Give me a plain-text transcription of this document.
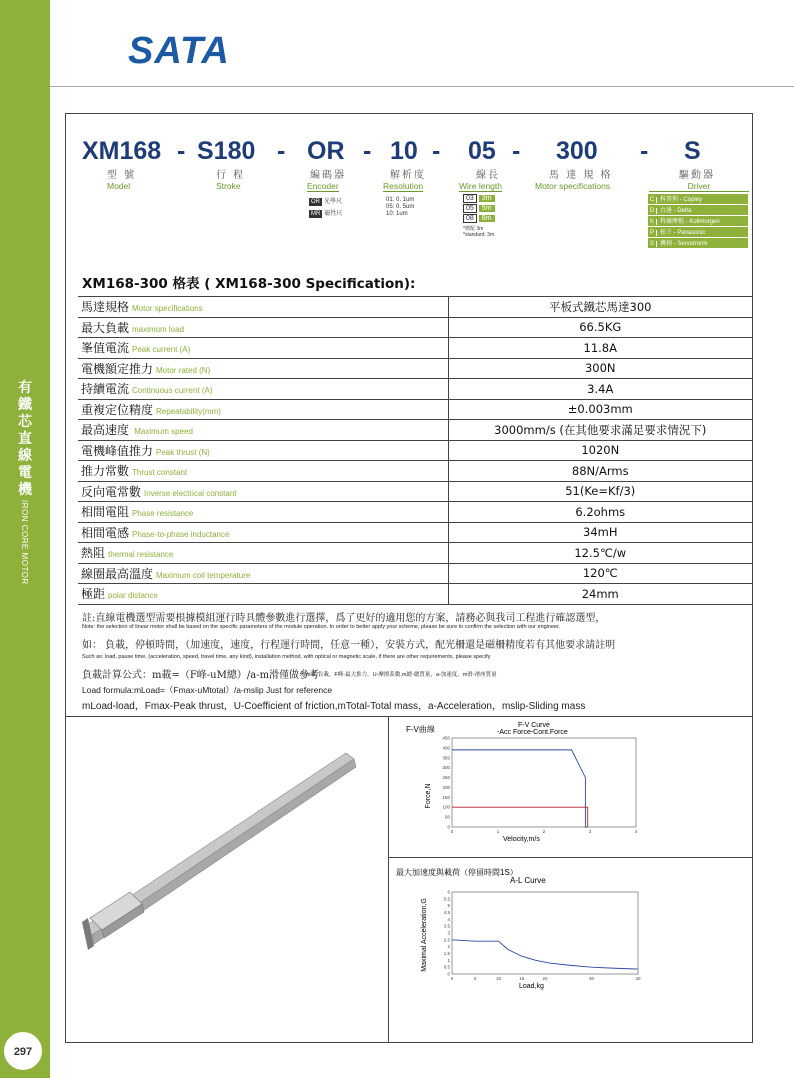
有鐵芯直線電機
IRON CORE MOTOR
297
SATA
XM168 - S180 - OR - 10 - 05 - 300 - S
型 號
Model
行 程
Stroke
編碼器
Encoder
解析度
Resolution
線長
Wire length
馬 達 規 格
Motor specifications
驅動器
Driver
OR 光學尺
MR 磁性尺
01: 0. 1um
05: 0. 5um
10: 1um
03 3m
05 5m
08 8m
*標配 3m
*standard: 3m
C 科普利 - Copley
D 台達 - Delta
K 科爾摩根 - Kollmorgen
P 松下 - Panasonic
S 賽創 - Servotronix
XM168-300 格表 ( XM168-300 Specification):
馬達規格 Motor specifications	平板式鐵芯馬達300
最大負載 maximum load	66.5KG
峯值電流 Peak current (A)	11.8A
電機額定推力 Motor rated (N)	300N
持續電流 Continuous current (A)	3.4A
重複定位精度 Repeatability(mm)	±0.003mm
最高速度 Maximum speed	3000mm/s (在其他要求滿足要求情況下)
電機峰值推力 Peak thrust (N)	1020N
推力常數 Thrust constant	88N/Arms
反向電常數 Inverse electrical constant	51(Ke=Kf/3)
相間電阻 Phase resistance	6.2ohms
相間電感 Phase-to-phase inductance	34mH
熱阻 thermal resistance	12.5℃/w
線圈最高溫度 Maximum coil temperature	120℃
極距 polar distance	24mm
註:直線電機選型需要根據模組運行時具體參數進行選擇，爲了更好的適用您的方案，請務必與我司工程進行確認選型，
Note: the selection of linear motor shall be based on the specific parameters of the module operation. In order to better apply your scheme, please be sure to confirm the selection with our engineer.
如： 負載，停頓時間，（加速度，速度，行程運行時間，任意一種），安裝方式，配光柵還是磁柵精度若有其他要求請註明
Such as: load, pause time, (acceleration, speed, travel time, any kind), installation method, with optical or magnetic scale, if there are other requirements, please specify
負載計算公式：m載=（F峰-uM總）/a-m滑僅做參考
m載-負載，F峰-最大推力，U-摩擦系數,m總-總質量，a-加速度，m滑-滑座質量
Load formula:mLoad=（Fmax-uMtotal）/a-mslip Just for reference
mLoad-load，Fmax-Peak thrust，U-Coefficient of friction,mTotal-Total mass，a-Acceleration，mslip-Sliding mass
F-V曲線	F-V Curve
-Acc Force-Cont.Force
Velocity,m/s
Force,N
0
50
100
150
200
250
300
350
400
450
0	1	2	3	4
最大加速度與載荷（停留時間1S）
A-L Curve
Load,kg
Maximal Acceleration,G
0
0.5
1
1.5
2
2.5
3
3.5
4
4.5
5
5.5
6
0	5	10	15	20	30	40
